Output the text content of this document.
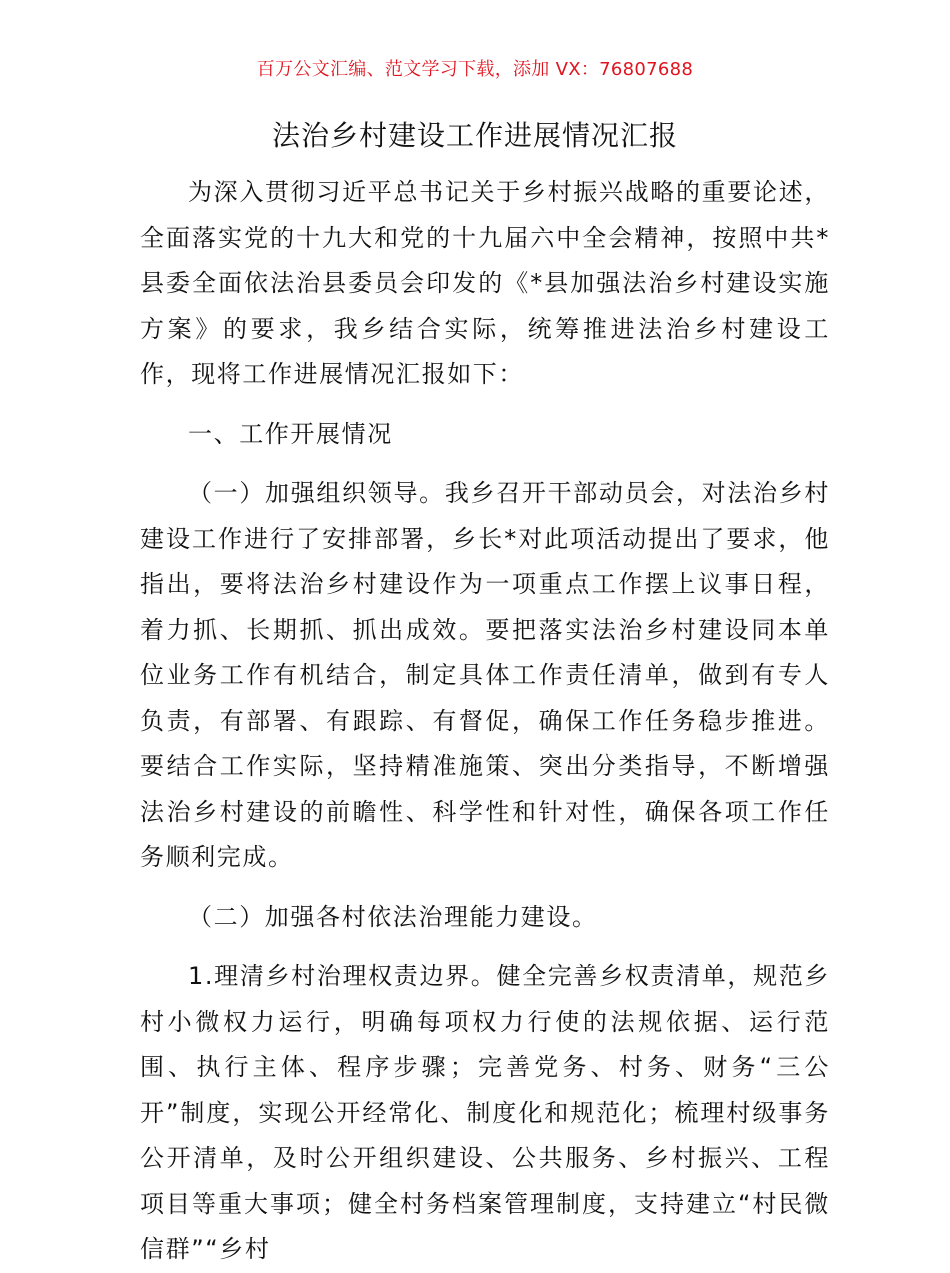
百万公文汇编、范文学习下载，添加 VX：76807688
法治乡村建设工作进展情况汇报

为深入贯彻习近平总书记关于乡村振兴战略的重要论述，全面落实党的十九大和党的十九届六中全会精神，按照中共*县委全面依法治县委员会印发的《*县加强法治乡村建设实施方案》的要求，我乡结合实际，统筹推进法治乡村建设工作，现将工作进展情况汇报如下：

一、工作开展情况

（一）加强组织领导。我乡召开干部动员会，对法治乡村建设工作进行了安排部署，乡长*对此项活动提出了要求，他指出，要将法治乡村建设作为一项重点工作摆上议事日程，着力抓、长期抓、抓出成效。要把落实法治乡村建设同本单位业务工作有机结合，制定具体工作责任清单，做到有专人负责，有部署、有跟踪、有督促，确保工作任务稳步推进。要结合工作实际，坚持精准施策、突出分类指导，不断增强法治乡村建设的前瞻性、科学性和针对性，确保各项工作任务顺利完成。

（二）加强各村依法治理能力建设。

1.理清乡村治理权责边界。健全完善乡权责清单，规范乡村小微权力运行，明确每项权力行使的法规依据、运行范围、执行主体、程序步骤；完善党务、村务、财务“三公开”制度，实现公开经常化、制度化和规范化；梳理村级事务公开清单，及时公开组织建设、公共服务、乡村振兴、工程项目等重大事项；健全村务档案管理制度，支持建立“村民微信群”“乡村
